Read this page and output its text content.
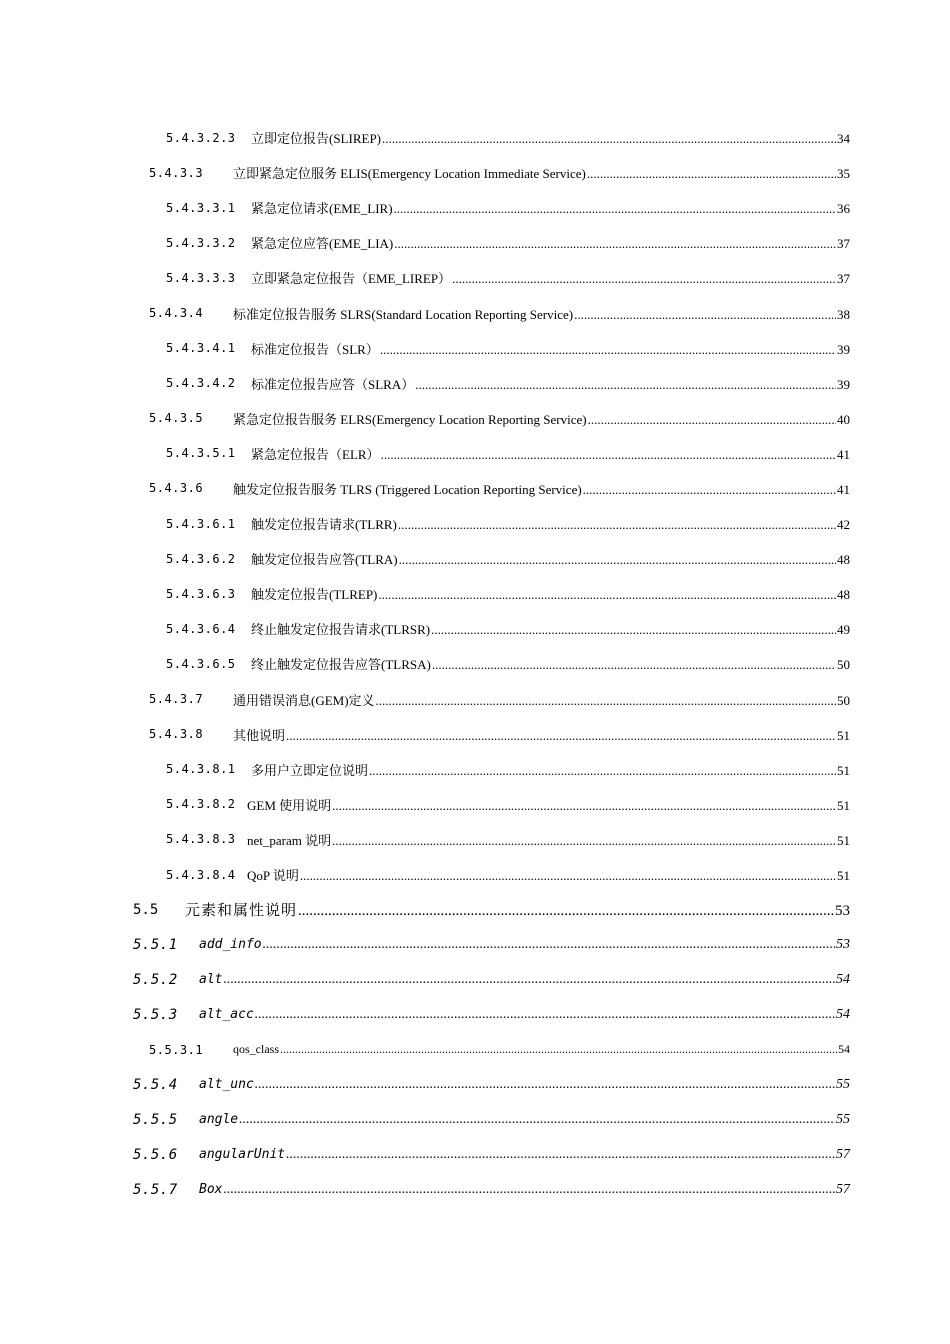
5.4.3.2.3 立即定位报告(SLIREP) .....	34
5.4.3.3 立即紧急定位服务 ELIS(Emergency Location Immediate Service) .....	35
5.4.3.3.1 紧急定位请求(EME_LIR) .....	36
5.4.3.3.2 紧急定位应答(EME_LIA) .....	37
5.4.3.3.3 立即紧急定位报告（EME_LIREP） .....	37
5.4.3.4 标准定位报告服务 SLRS(Standard Location Reporting Service) .....	38
5.4.3.4.1 标准定位报告（SLR） .....	39
5.4.3.4.2 标准定位报告应答（SLRA） .....	39
5.4.3.5 紧急定位报告服务 ELRS(Emergency Location Reporting Service) .....	40
5.4.3.5.1 紧急定位报告（ELR） .....	41
5.4.3.6 触发定位报告服务 TLRS (Triggered Location Reporting Service) .....	41
5.4.3.6.1 触发定位报告请求(TLRR) .....	42
5.4.3.6.2 触发定位报告应答(TLRA) .....	48
5.4.3.6.3 触发定位报告(TLREP) .....	48
5.4.3.6.4 终止触发定位报告请求(TLRSR) .....	49
5.4.3.6.5 终止触发定位报告应答(TLRSA) .....	50
5.4.3.7 通用错误消息(GEM)定义 .....	50
5.4.3.8 其他说明 .....	51
5.4.3.8.1 多用户立即定位说明 .....	51
5.4.3.8.2 GEM 使用说明 .....	51
5.4.3.8.3 net_param 说明 .....	51
5.4.3.8.4 QoP 说明 .....	51
5.5 元素和属性说明 .....	53
5.5.1 add_info .....	53
5.5.2 alt .....	54
5.5.3 alt_acc .....	54
5.5.3.1 qos_class .....	54
5.5.4 alt_unc .....	55
5.5.5 angle .....	55
5.5.6 angularUnit .....	57
5.5.7 Box .....	57
